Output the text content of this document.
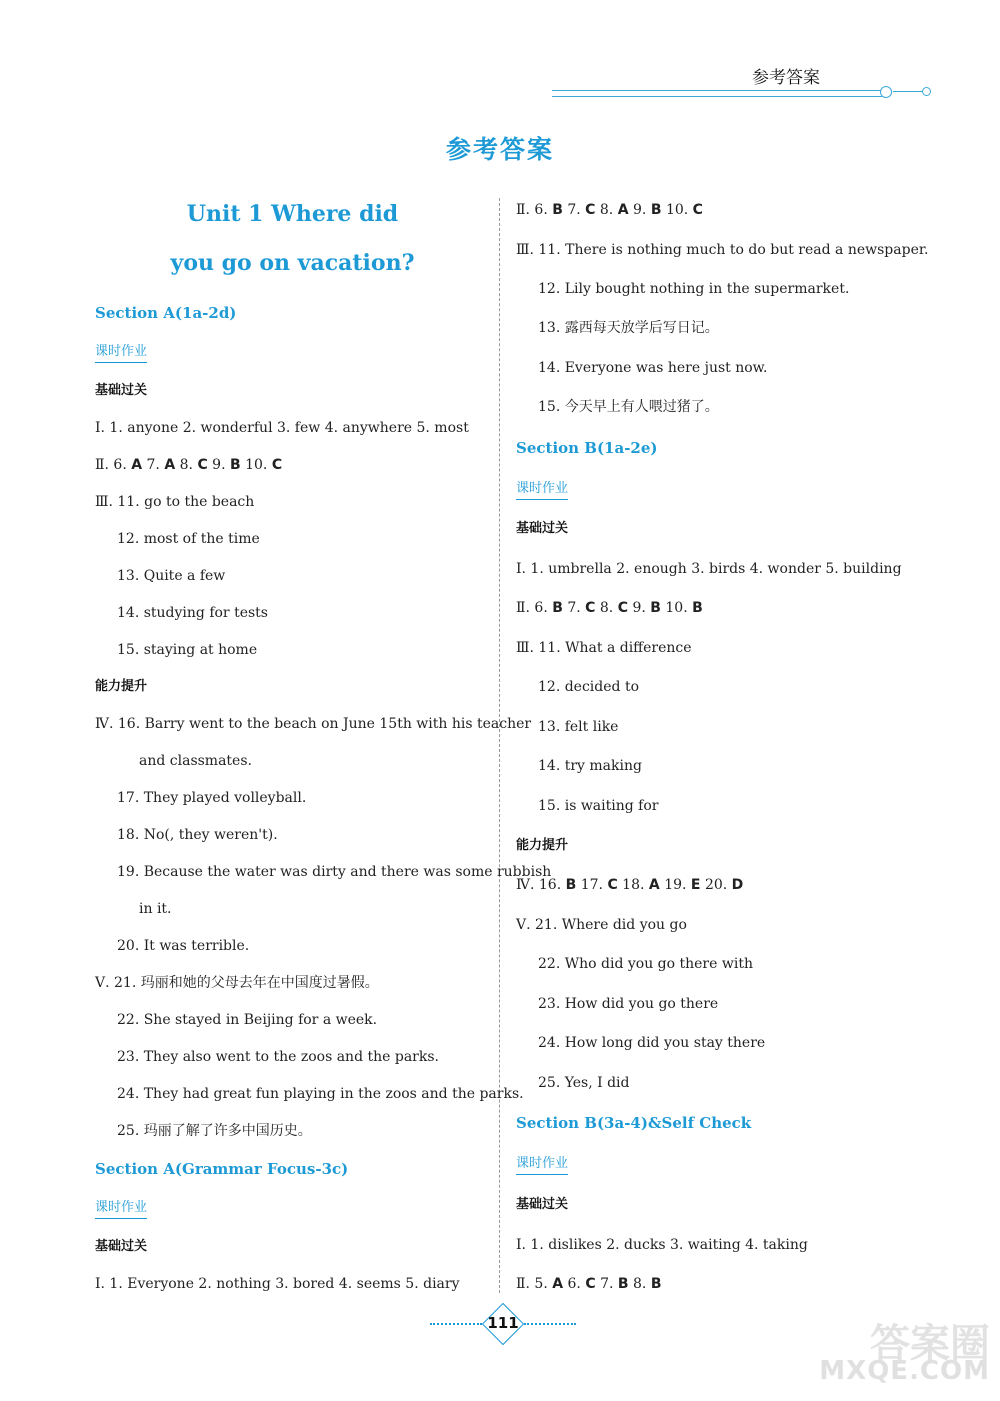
参考答案
参考答案
Unit 1 Where did
you go on vacation?
Section A(1a-2d)
课时作业
基础过关
Ⅰ. 1. anyone 2. wonderful 3. few 4. anywhere 5. most
Ⅱ. 6. A 7. A 8. C 9. B 10. C
Ⅲ. 11. go to the beach
12. most of the time
13. Quite a few
14. studying for tests
15. staying at home
能力提升
Ⅳ. 16. Barry went to the beach on June 15th with his teacher
and classmates.
17. They played volleyball.
18. No(, they weren't).
19. Because the water was dirty and there was some rubbish
in it.
20. It was terrible.
Ⅴ. 21. 玛丽和她的父母去年在中国度过暑假。
22. She stayed in Beijing for a week.
23. They also went to the zoos and the parks.
24. They had great fun playing in the zoos and the parks.
25. 玛丽了解了许多中国历史。
Section A(Grammar Focus-3c)
课时作业
基础过关
Ⅰ. 1. Everyone 2. nothing 3. bored 4. seems 5. diary
Ⅱ. 6. B 7. C 8. A 9. B 10. C
Ⅲ. 11. There is nothing much to do but read a newspaper.
12. Lily bought nothing in the supermarket.
13. 露西每天放学后写日记。
14. Everyone was here just now.
15. 今天早上有人喂过猪了。
Section B(1a-2e)
课时作业
基础过关
Ⅰ. 1. umbrella 2. enough 3. birds 4. wonder 5. building
Ⅱ. 6. B 7. C 8. C 9. B 10. B
Ⅲ. 11. What a difference
12. decided to
13. felt like
14. try making
15. is waiting for
能力提升
Ⅳ. 16. B 17. C 18. A 19. E 20. D
Ⅴ. 21. Where did you go
22. Who did you go there with
23. How did you go there
24. How long did you stay there
25. Yes, I did
Section B(3a-4)&Self Check
课时作业
基础过关
Ⅰ. 1. dislikes 2. ducks 3. waiting 4. taking
Ⅱ. 5. A 6. C 7. B 8. B
111	答案圈
MXQE.COM
